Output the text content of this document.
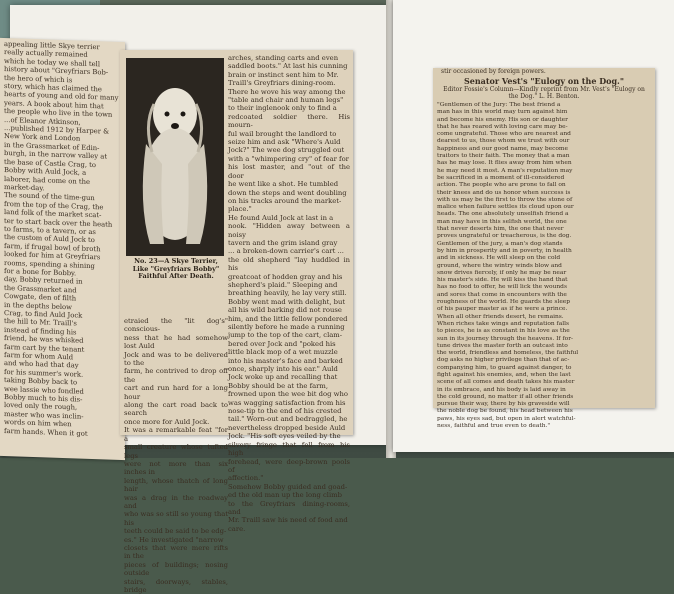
appealing little Skye terrier
really actually remained
which he today we shall tell
history about "Greyfriars Bob-
the hero of which is
story, which has claimed the
hearts of young and old for many
years. A book about him that
the people who live in the town
...of Eleanor Atkinson,
...published 1912 by Harper &
New York and London
in the Grassmarket of Edin-
burgh, in the narrow valley at
the base of Castle Crag, to
Bobby with Auld Jock, a
laborer, had come on the
market-day.
The sound of the time-gun
from the top of the Crag, the
land folk of the market scat-
ter to start back over the heath
to farms, to a tavern, or as
the custom of Auld Jock to
farm, if frugal bowl of broth
looked for him at Greyfriars
rooms, spending a shining
for a bone for Bobby.
day, Bobby returned in
the Grassmarket and
Cowgate, den of filth
in the depths below
Crag, to find Auld Jock
the hill to Mr. Traill's
instead of finding his
friend, he was whisked
farm cart by the tenant
farm for whom Auld
and who had that day
for his summer's work.
taking Bobby back to
wee lassie who fondled
Bobby much to his dis-
loved only the rough,
master who was inclin-
words on him when
farm hands. When it got
arches, standing carts and even
saddled boots." At last his cunning
brain or instinct sent him to Mr.
Traill's Greyfriars dining-room.
There he wove his way among the
"table and chair and human legs"
to their inglenook only to find a
redcoated soldier there. His mourn-
ful wail brought the landlord to
seize him and ask "Where's Auld
Jock?" The wee dog struggled out
with a "whimpering cry" of fear for
his lost master, and "out of the door
he went like a shot. He tumbled
down the steps and went doubling
on his tracks around the market-
place."
He found Auld Jock at last in a
nook. "Hidden away between a noisy
tavern and the grim island gray
... a broken-down carrier's cart ...
the old shepherd "lay huddled in his
greatcoat of hodden gray and his
shepherd's plaid." Sleeping and
breathing heavily, he lay very still.
Bobby went mad with delight, but
all his wild barking did not rouse
him, and the little fellow pondered
silently before he made a running
jump to the top of the cart, clam-
bered over Jock and "poked his
little black mop of a wet muzzle
into his master's face and barked
once, sharply into his ear." Auld
Jock woke up and recalling that
Bobby should be at the farm,
frowned upon the wee bit dog who
was wagging satisfaction from his
nose-tip to the end of his crested
tail." Worn-out and bedraggled, he
nevertheless dropped beside Auld
Jock. "His soft eyes veiled by the
silvery fringe that fell from his high
forehead, were deep-brown pools of
affection."
Somehow Bobby guided and goad-
ed the old man up the long climb
to the Greyfriars dining-rooms, and
Mr. Traill saw his need of food and
care.
etraied the "lit dog's" conscious-
ness that he had somehow lost Auld
Jock and was to be delivered to the
farm, he contrived to drop off the
cart and run hard for a long hour
along the cart road back to search
once more for Auld Jock.
It was a remarkable feat "for a
small creature whose tufted legs
were not more than six inches in
length, whose thatch of long hair
was a drag in the roadway and
who was so still so young that his
teeth could be said to be edg-
es." He investigated "narrow
closets that were mere rifts in the
pieces of buildings; nosing outside
stairs, doorways, stables, bridge
No. 23—A Skye Terrier, Like "Greyfriars Bobby" Faithful After Death.
stir occasioned by foreign powers.
Senator Vest's "Eulogy on the Dog."
Editor Fossie's Column—Kindly reprint from Mr. Vest's "Eulogy on the Dog." L. H. Benton.
"Gentlemen of the Jury: The best friend a
man has in this world may turn against him
and become his enemy. His son or daughter
that he has reared with loving care may be-
come ungrateful. Those who are nearest and
dearest to us, those whom we trust with our
happiness and our good name, may become
traitors to their faith. The money that a man
has he may lose. It flies away from him when
he may need it most. A man's reputation may
be sacrificed in a moment of ill-considered
action. The people who are prone to fall on
their knees and do us honor when success is
with us may be the first to throw the stone of
malice when failure settles its cloud upon our
heads. The one absolutely unselfish friend a
man may have in this selfish world, the one
that never deserts him, the one that never
proves ungrateful or treacherous, is the dog.
Gentlemen of the jury, a man's dog stands
by him in prosperity and in poverty, in health
and in sickness. He will sleep on the cold
ground, where the wintry winds blow and
snow drives fiercely, if only he may be near
his master's side. He will kiss the hand that
has no food to offer, he will lick the wounds
and sores that come in encounters with the
roughness of the world. He guards the sleep
of his pauper master as if he were a prince.
When all other friends desert, he remains.
When riches take wings and reputation falls
to pieces, he is as constant in his love as the
sun in its journey through the heavens. If for-
tune drives the master forth an outcast into
the world, friendless and homeless, the faithful
dog asks no higher privilege than that of ac-
companying him, to guard against danger, to
fight against his enemies, and, when the last
scene of all comes and death takes his master
in its embrace, and his body is laid away in
the cold ground, no matter if all other friends
pursue their way, there by his graveside will
the noble dog be found, his head between his
paws, his eyes sad, but open in alert watchful-
ness, faithful and true even to death."
